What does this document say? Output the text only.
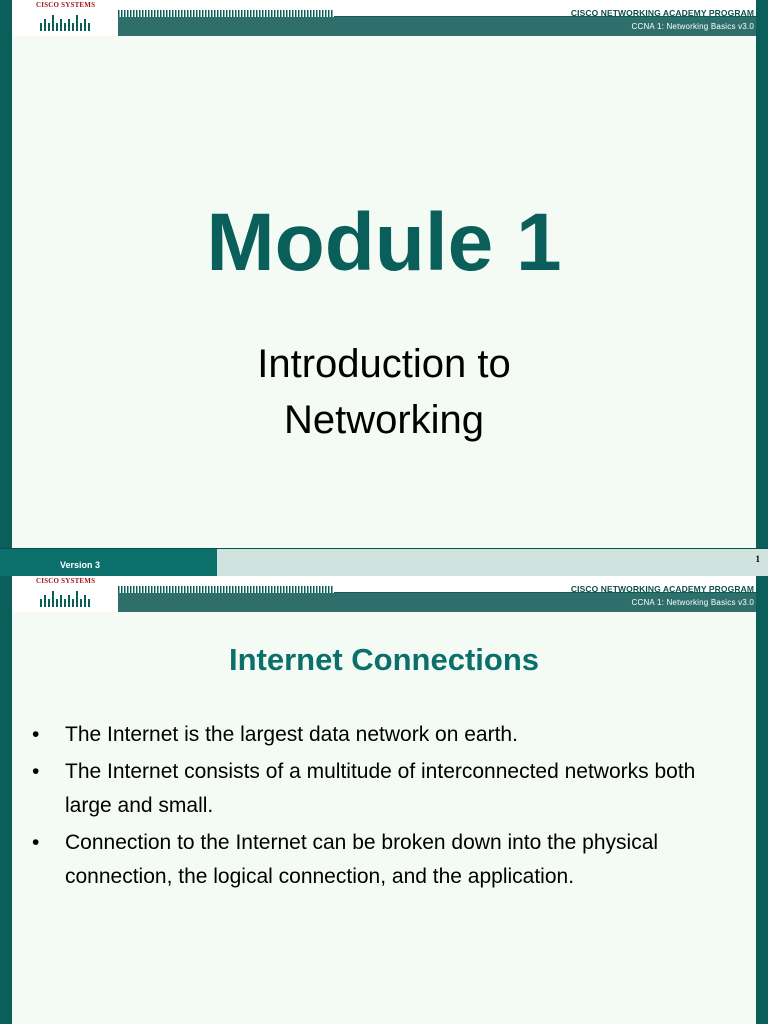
CISCO SYSTEMS
CISCO NETWORKING ACADEMY PROGRAM
CCNA 1: Networking Basics v3.0
Module 1
Introduction to
Networking
Version 3
1
CISCO SYSTEMS
CISCO NETWORKING ACADEMY PROGRAM
CCNA 1: Networking Basics v3.0
Internet Connections
• The Internet is the largest data network on earth.
• The Internet consists of a multitude of interconnected networks both large and small.
• Connection to the Internet can be broken down into the physical connection, the logical connection, and the application.
